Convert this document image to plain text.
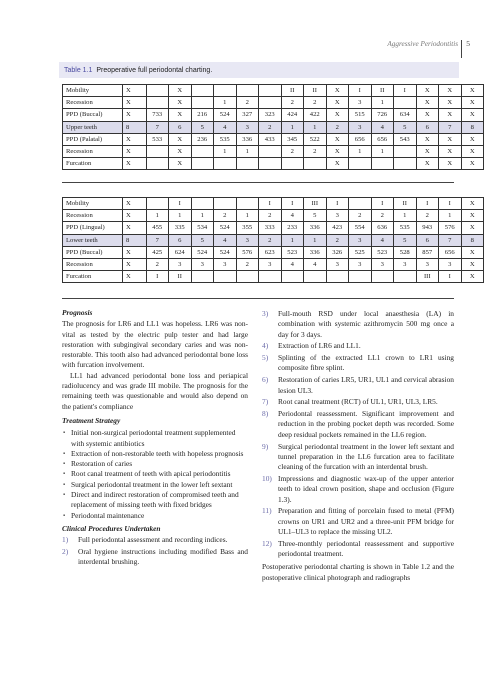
Aggressive Periodontitis 5
Table 1.1 Preoperative full periodontal charting.
Mobility	X		X					II	II	X	I	II	I	X	X	X
Recession	X		X		1	2		2	2	X	3	1		X	X	X
PPD (Buccal)	X	733	X	216	524	327	323	424	422	X	515	726	634	X	X	X
Upper teeth	8	7	6	5	4	3	2	1	1	2	3	4	5	6	7	8
PPD (Palatal)	X	533	X	236	535	336	433	345	522	X	656	656	543	X	X	X
Recession	X		X		1	1		2	2	X	1	1		X	X	X
Furcation	X		X							X				X	X	X
Mobility	X		I				I	I	III	I		I	II	I	I	X
Recession	X	1	1	1	2	1	2	4	5	3	2	2	1	2	1	X
PPD (Lingual)	X	455	335	534	524	355	333	233	336	423	554	636	535	943	576	X
Lower teeth	8	7	6	5	4	3	2	1	1	2	3	4	5	6	7	8
PPD (Buccal)	X	425	624	524	524	576	623	523	336	326	525	523	528	857	656	X
Recession	X	2	3	3	3	2	3	4	4	3	3	3	3	3	3	X
Furcation	X	I	II											III	I	X

Prognosis

The prognosis for LR6 and LL1 was hopeless. LR6 was non-vital as tested by the electric pulp tester and had large restoration with subgingival secondary caries and was non-restorable. This tooth also had advanced periodontal bone loss with furcation involvement.

LL1 had advanced periodontal bone loss and periapical radiolucency and was grade III mobile. The prognosis for the remaining teeth was questionable and would also depend on the patient's compliance

Treatment Strategy

▪ Initial non-surgical periodontal treatment supplemented with systemic antibiotics
▪ Extraction of non-restorable teeth with hopeless prognosis
▪ Restoration of caries
▪ Root canal treatment of teeth with apical periodontitis
▪ Surgical periodontal treatment in the lower left sextant
▪ Direct and indirect restoration of compromised teeth and replacement of missing teeth with fixed bridges
▪ Periodontal maintenance

Clinical Procedures Undertaken

1) Full periodontal assessment and recording indices.
2) Oral hygiene instructions including modified Bass and interdental brushing.
3) Full-mouth RSD under local anaesthesia (LA) in combination with systemic azithromycin 500 mg once a day for 3 days.
4) Extraction of LR6 and LL1.
5) Splinting of the extracted LL1 crown to LR1 using composite fibre splint.
6) Restoration of caries LR5, UR1, UL1 and cervical abrasion lesion UL3.
7) Root canal treatment (RCT) of UL1, UR1, UL3, LR5.
8) Periodontal reassessment. Significant improvement and reduction in the probing pocket depth was recorded. Some deep residual pockets remained in the LL6 region.
9) Surgical periodontal treatment in the lower left sextant and tunnel preparation in the LL6 furcation area to facilitate cleaning of the furcation with an interdental brush.
10) Impressions and diagnostic wax-up of the upper anterior teeth to ideal crown position, shape and occlusion (Figure 1.3).
11) Preparation and fitting of porcelain fused to metal (PFM) crowns on UR1 and UR2 and a three-unit PFM bridge for UL1–UL3 to replace the missing UL2.
12) Three-monthly periodontal reassessment and supportive periodontal treatment.

Postoperative periodontal charting is shown in Table 1.2 and the postoperative clinical photograph and radiographs
